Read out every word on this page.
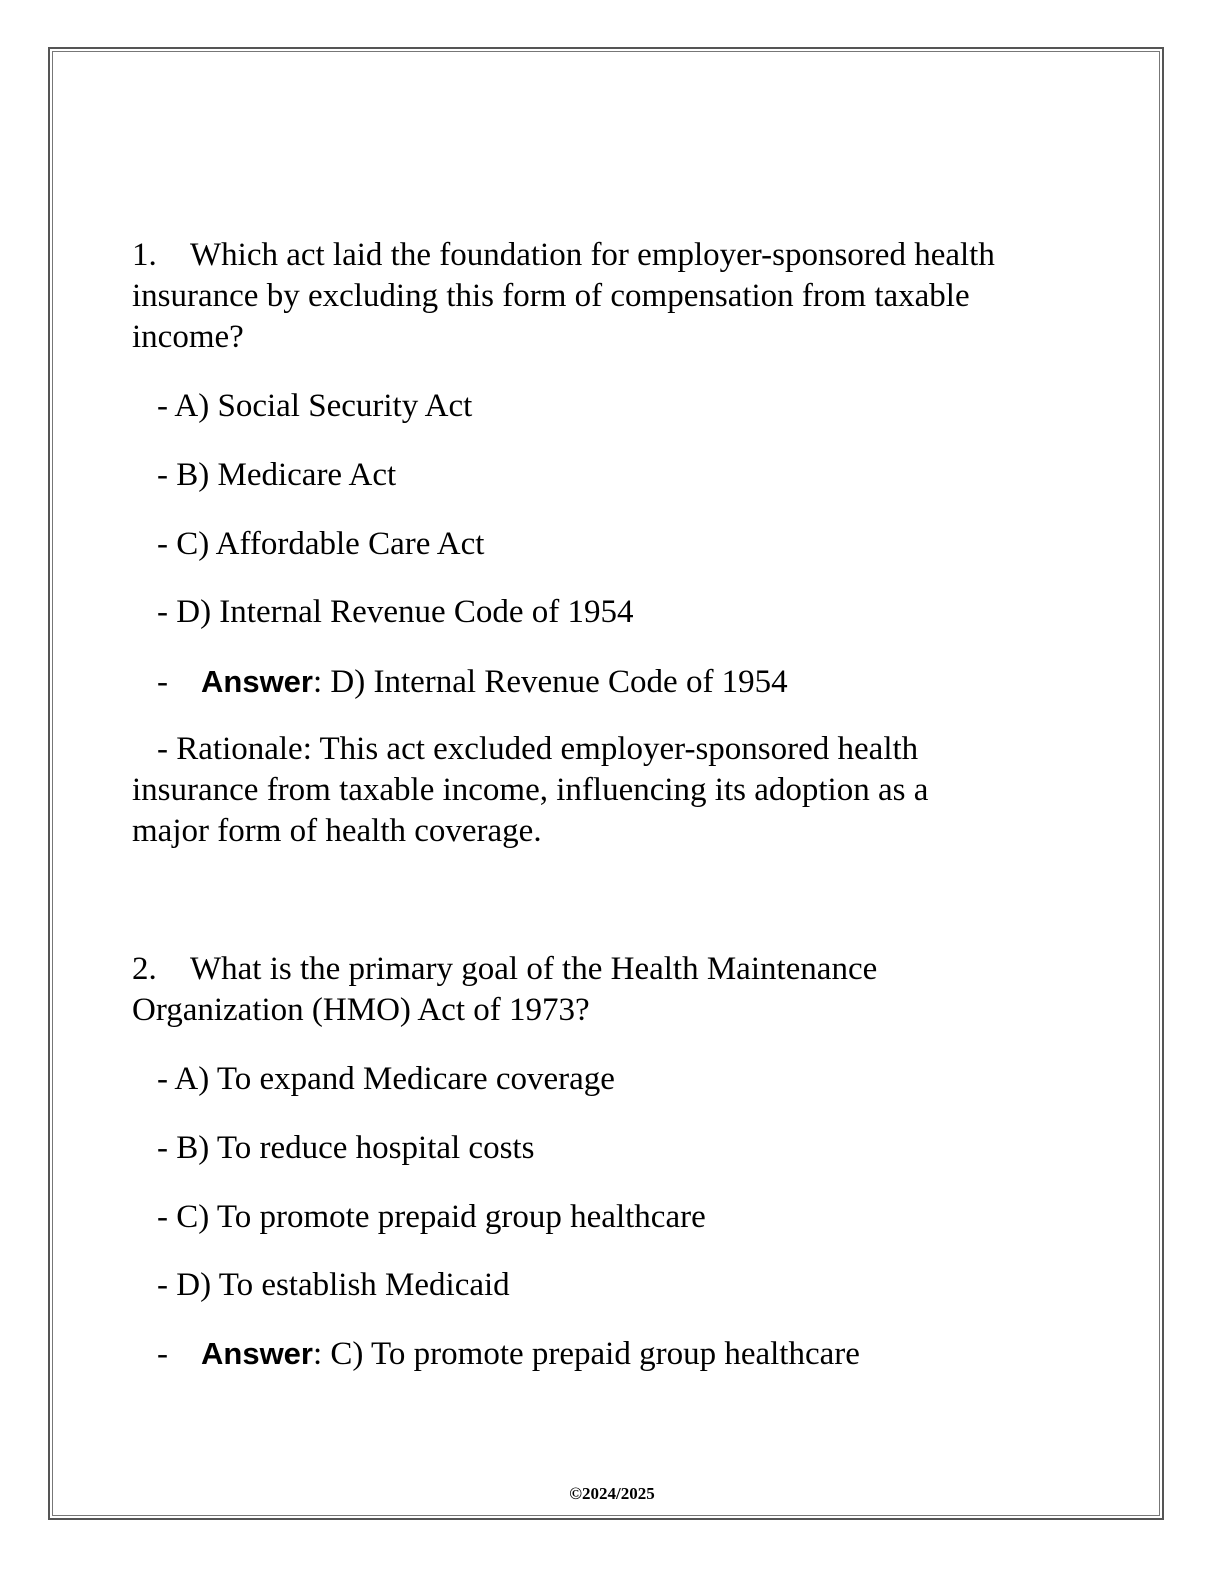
1. Which act laid the foundation for employer-sponsored health
insurance by excluding this form of compensation from taxable
income?
- A) Social Security Act
- B) Medicare Act
- C) Affordable Care Act
- D) Internal Revenue Code of 1954
- Answer: D) Internal Revenue Code of 1954
- Rationale: This act excluded employer-sponsored health
insurance from taxable income, influencing its adoption as a
major form of health coverage.
2. What is the primary goal of the Health Maintenance
Organization (HMO) Act of 1973?
- A) To expand Medicare coverage
- B) To reduce hospital costs
- C) To promote prepaid group healthcare
- D) To establish Medicaid
- Answer: C) To promote prepaid group healthcare
©2024/2025
